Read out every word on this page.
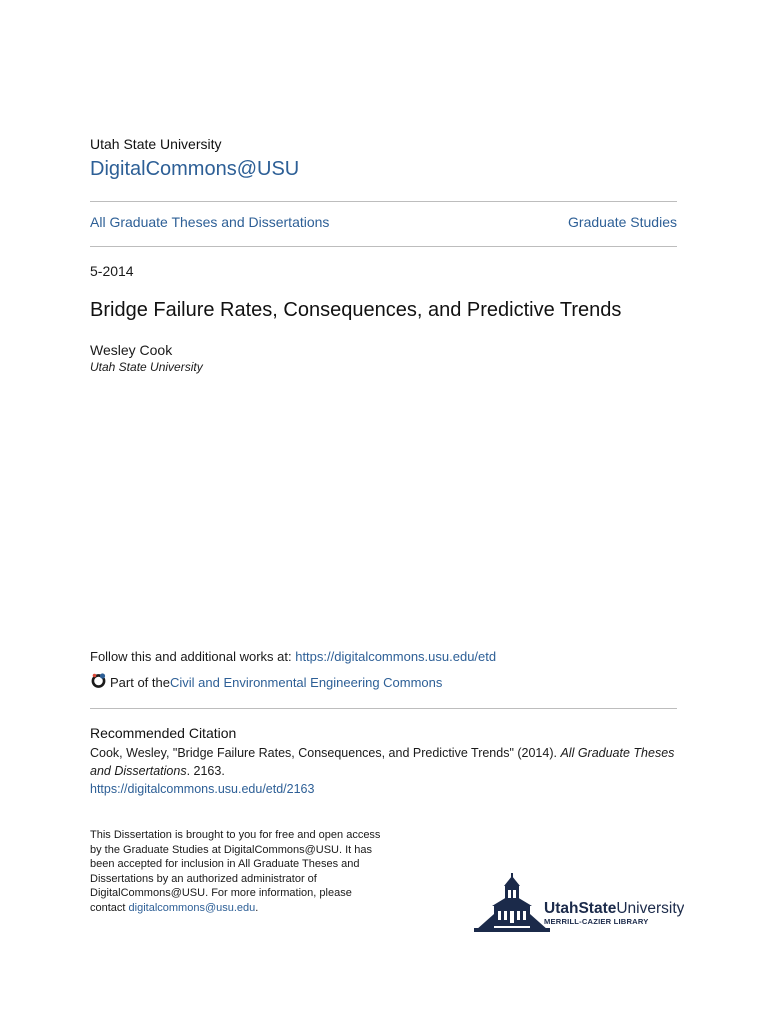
Utah State University
DigitalCommons@USU
All Graduate Theses and Dissertations	Graduate Studies
5-2014
Bridge Failure Rates, Consequences, and Predictive Trends
Wesley Cook
Utah State University
Follow this and additional works at: https://digitalcommons.usu.edu/etd
Part of the Civil and Environmental Engineering Commons
Recommended Citation
Cook, Wesley, "Bridge Failure Rates, Consequences, and Predictive Trends" (2014). All Graduate Theses and Dissertations. 2163.
https://digitalcommons.usu.edu/etd/2163
This Dissertation is brought to you for free and open access by the Graduate Studies at DigitalCommons@USU. It has been accepted for inclusion in All Graduate Theses and Dissertations by an authorized administrator of DigitalCommons@USU. For more information, please contact digitalcommons@usu.edu.	UtahStateUniversity
MERRILL-CAZIER LIBRARY
